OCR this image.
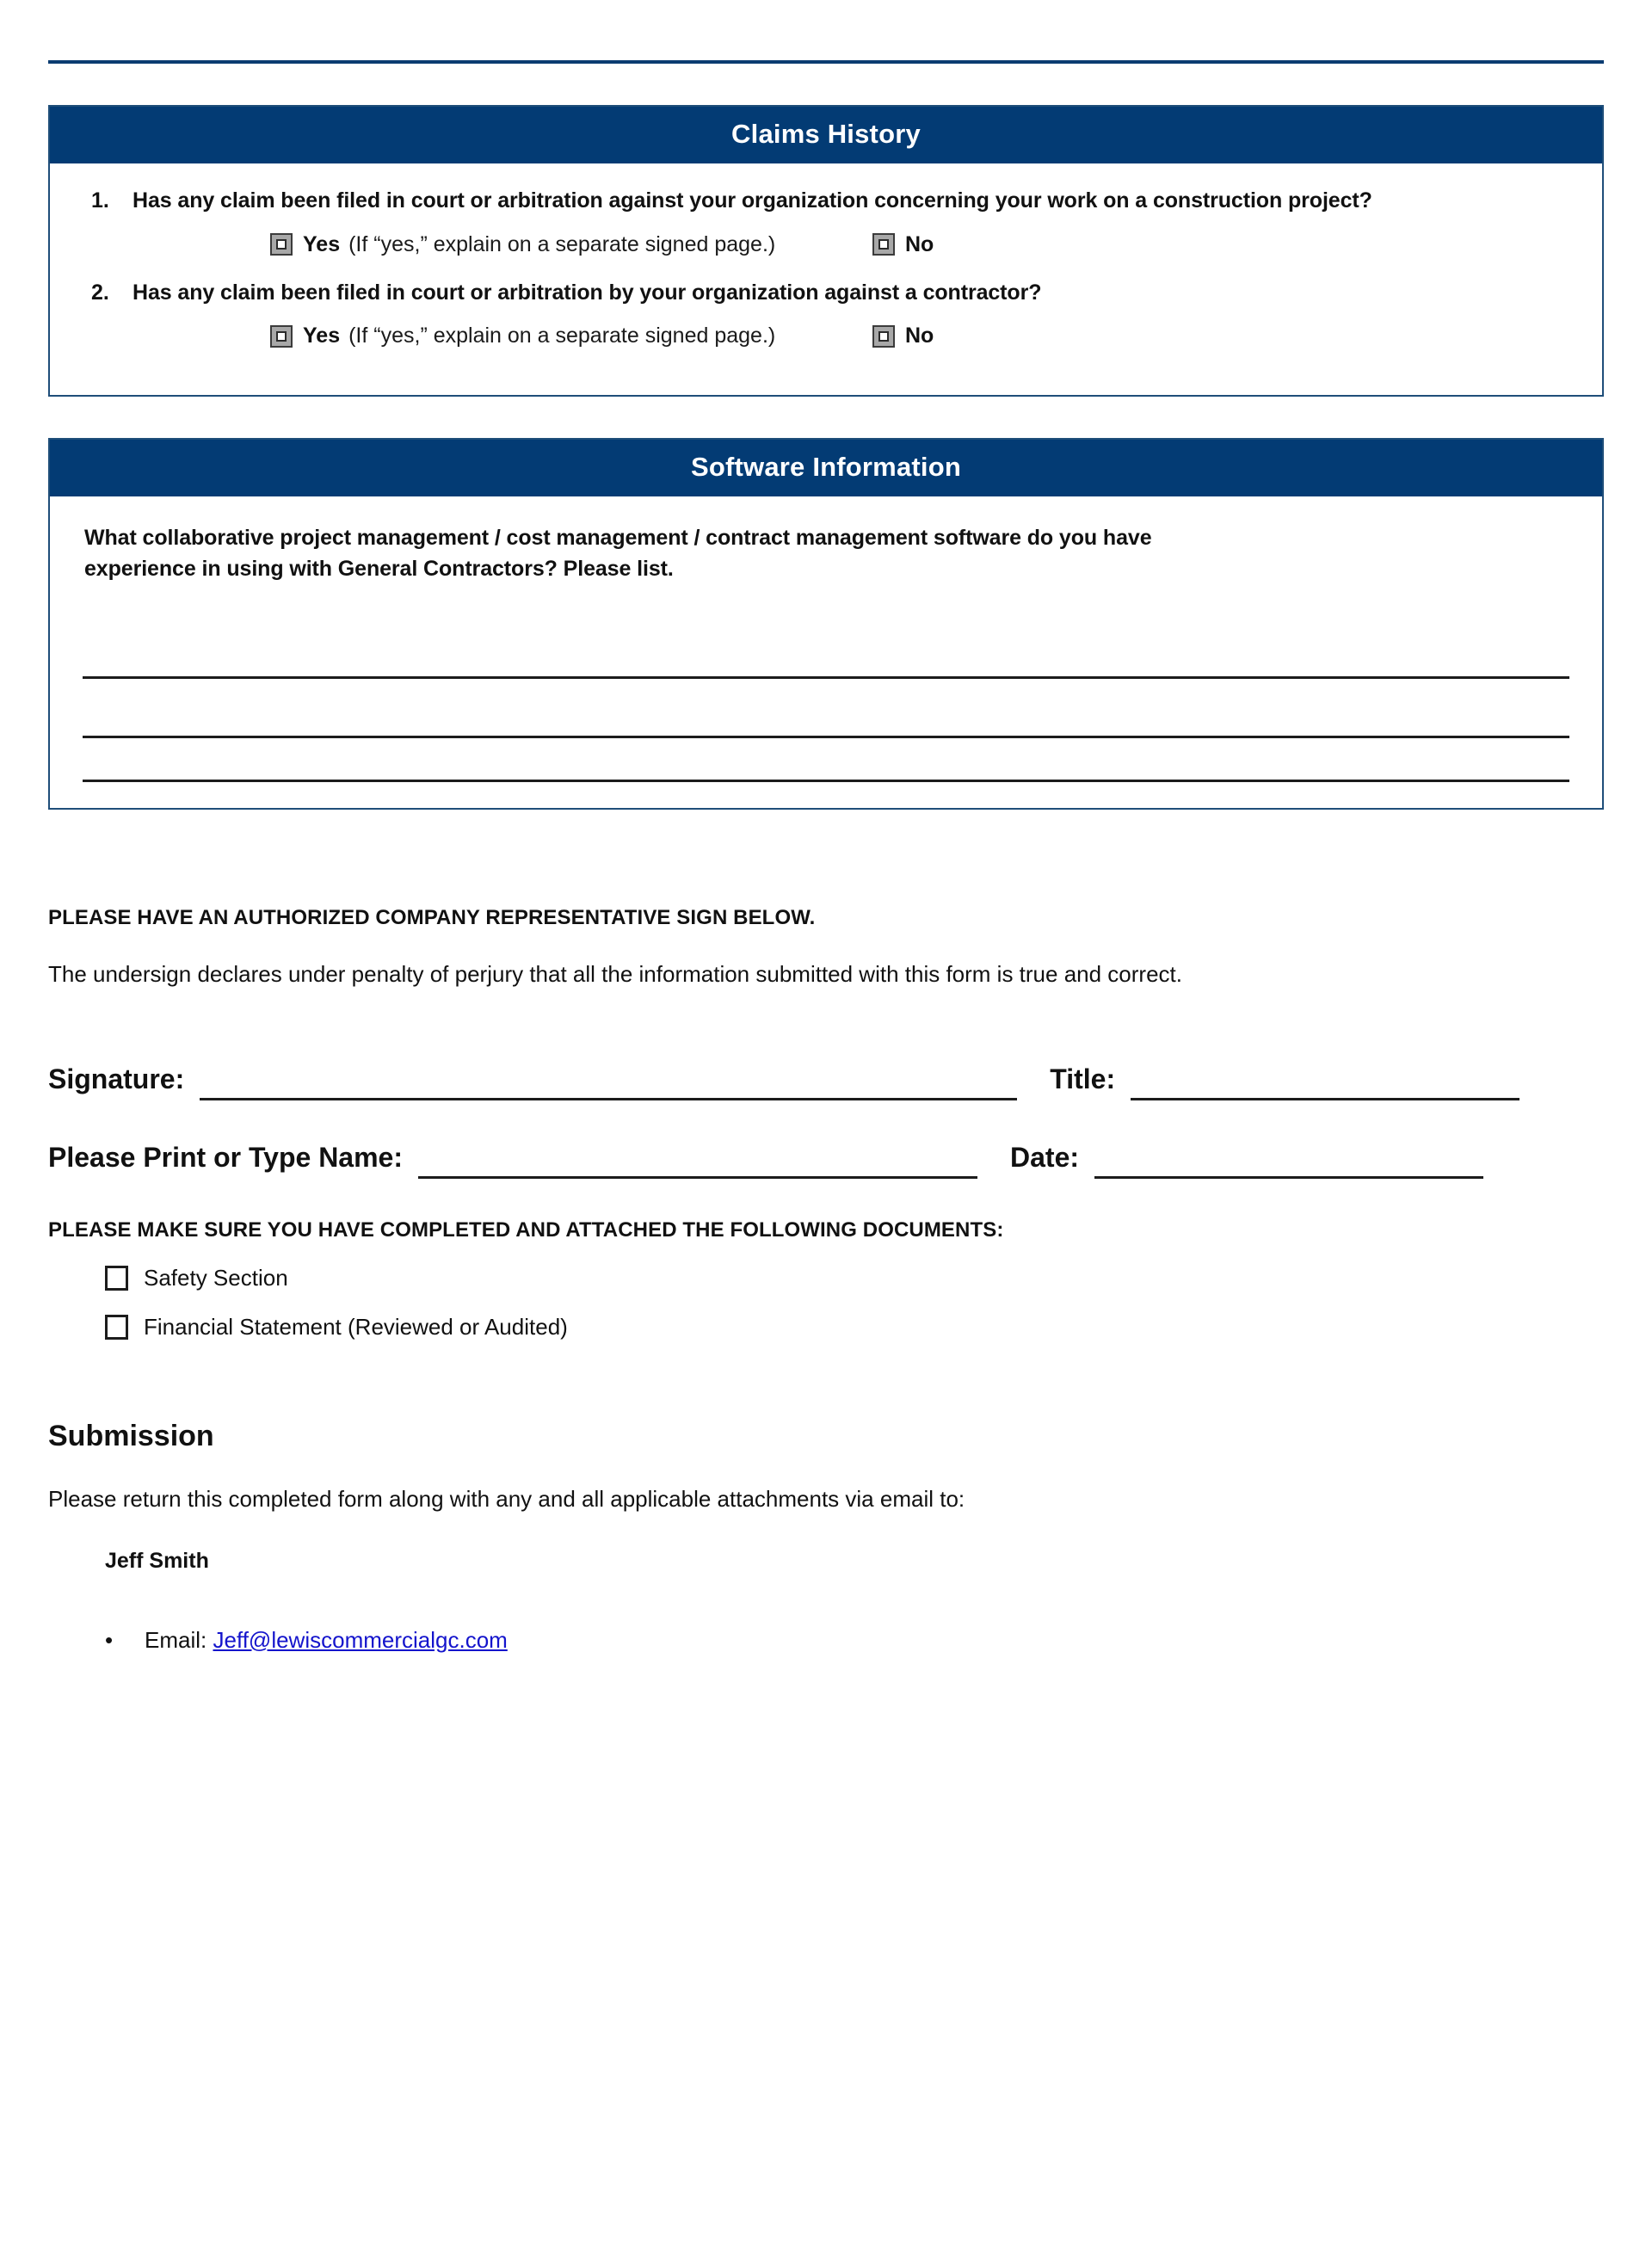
Claims History
1.	Has any claim been filed in court or arbitration against your organization concerning your work on a construction project?
Yes (If “yes,” explain on a separate signed page.)	No
2.	Has any claim been filed in court or arbitration by your organization against a contractor?
Yes (If “yes,” explain on a separate signed page.)	No
Software Information
What collaborative project management / cost management / contract management software do you have
experience in using with General Contractors? Please list.
PLEASE HAVE AN AUTHORIZED COMPANY REPRESENTATIVE SIGN BELOW.
The undersign declares under penalty of perjury that all the information submitted with this form is true and correct.
Signature:	Title:
Please Print or Type Name:	Date:
PLEASE MAKE SURE YOU HAVE COMPLETED AND ATTACHED THE FOLLOWING DOCUMENTS:
Safety Section
Financial Statement (Reviewed or Audited)
Submission
Please return this completed form along with any and all applicable attachments via email to:
Jeff Smith
•	Email:
Jeff@lewiscommercialgc.com
